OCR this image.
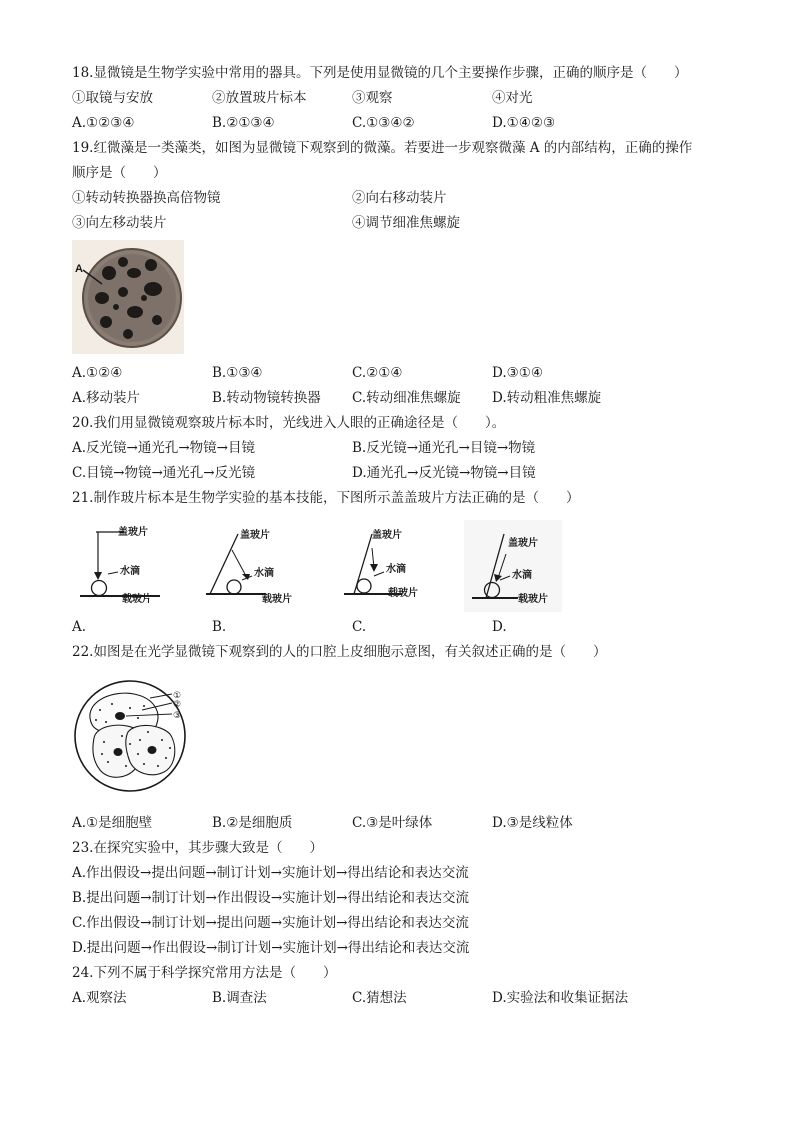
18.显微镜是生物学实验中常用的器具。下列是使用显微镜的几个主要操作步骤，正确的顺序是（　　）
①取镜与安放	②放置玻片标本	③观察	④对光
A.①②③④	B.②①③④	C.①③④②	D.①④②③
19.红微藻是一类藻类，如图为显微镜下观察到的微藻。若要进一步观察微藻 A 的内部结构，正确的操作
顺序是（　　）
①转动转换器换高倍物镜	②向右移动装片
③向左移动装片	④调节细准焦螺旋
A
A.①②④	B.①③④	C.②①④	D.③①④
A.移动装片	B.转动物镜转换器 C.转动细准焦螺旋 D.转动粗准焦螺旋
20.我们用显微镜观察玻片标本时，光线进入人眼的正确途径是（　　）。
A.反光镜→通光孔→物镜→目镜	B.反光镜→通光孔→目镜→物镜
C.目镜→物镜→通光孔→反光镜	D.通光孔→反光镜→物镜→目镜
21.制作玻片标本是生物学实验的基本技能，下图所示盖盖玻片方法正确的是（　　）
盖玻片
水滴
载玻片
盖玻片
水滴
载玻片
盖玻片
水滴
载玻片
盖玻片
水滴
载玻片
A.	B.	C.	D.
22.如图是在光学显微镜下观察到的人的口腔上皮细胞示意图，有关叙述正确的是（　　）
①
②
③
A.①是细胞壁	B.②是细胞质	C.③是叶绿体	D.③是线粒体
23.在探究实验中，其步骤大致是（　　）
A.作出假设→提出问题→制订计划→实施计划→得出结论和表达交流
B.提出问题→制订计划→作出假设→实施计划→得出结论和表达交流
C.作出假设→制订计划→提出问题→实施计划→得出结论和表达交流
D.提出问题→作出假设→制订计划→实施计划→得出结论和表达交流
24.下列不属于科学探究常用方法是（　　）
A.观察法	B.调查法	C.猜想法	D.实验法和收集证据法
